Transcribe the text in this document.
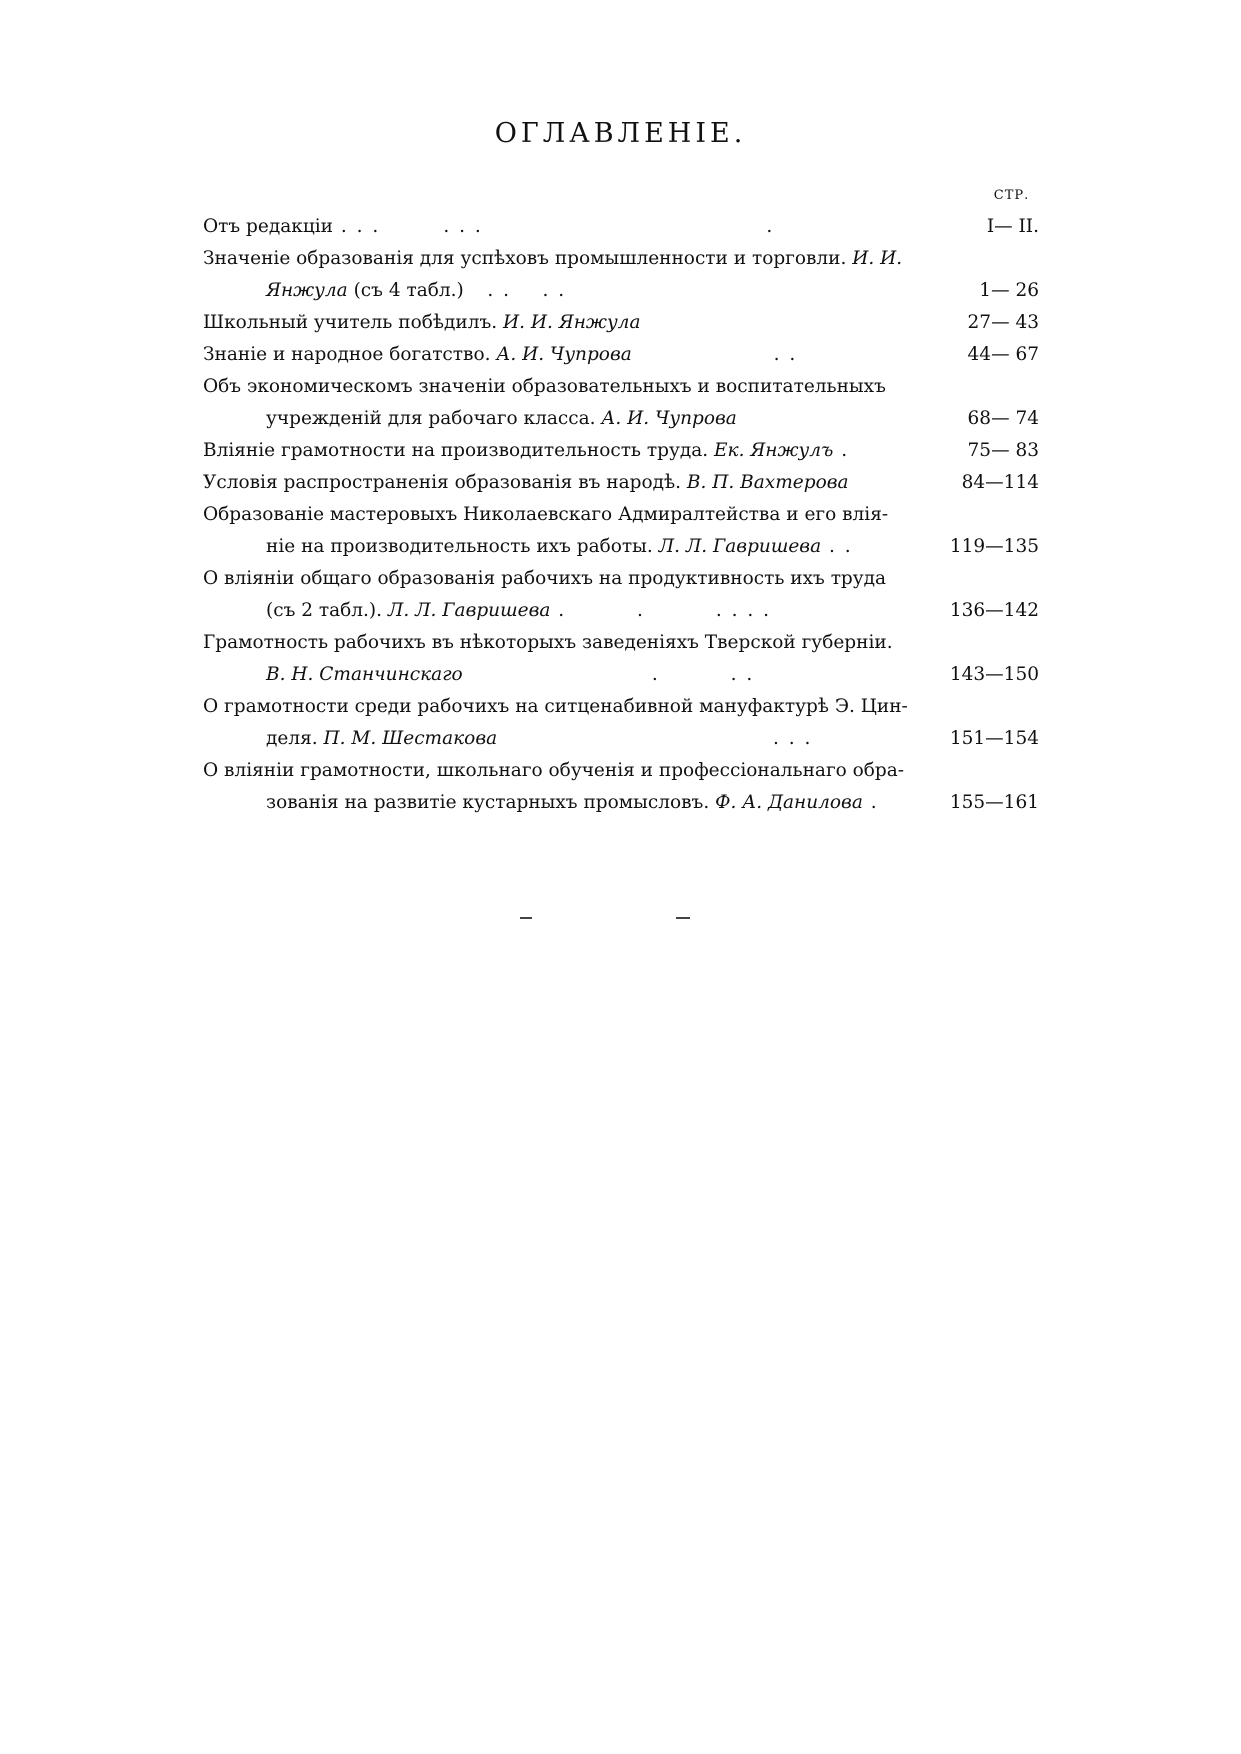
ОГЛАВЛЕНІЕ.
СТР.
Отъ редакціи . . .        . . .                                    .	I— II.
Значеніе образованія для успѣховъ промышленности и торговли. И. И.
Янжула (съ 4 табл.)   . .    . .	1— 26
Школьный учитель побѣдилъ. И. И. Янжула	27— 43
Знаніе и народное богатство. А. И. Чупрова                  . .	44— 67
Объ экономическомъ значеніи образовательныхъ и воспитательныхъ
учрежденій для рабочаго класса. А. И. Чупрова	68— 74
Вліяніе грамотности на производительность труда. Ек. Янжулъ .	75— 83
Условія распространенія образованія въ народѣ. В. П. Вахтерова	84—114
Образованіе мастеровыхъ Николаевскаго Адмиралтейства и его влія-
ніе на производительность ихъ работы. Л. Л. Гавришева . .	119—135
О вліяніи общаго образованія рабочихъ на продуктивность ихъ труда
(съ 2 табл.). Л. Л. Гавришева .         .         . . . .	136—142
Грамотность рабочихъ въ нѣкоторыхъ заведеніяхъ Тверской губерніи.
В. Н. Станчинскаго                        .         . .	143—150
О грамотности среди рабочихъ на ситценабивной мануфактурѣ Э. Цин-
деля. П. М. Шестакова                                   . . .	151—154
О вліяніи грамотности, школьнаго обученія и профессіональнаго обра-
зованія на развитіе кустарныхъ промысловъ. Ф. А. Данилова .	155—161
